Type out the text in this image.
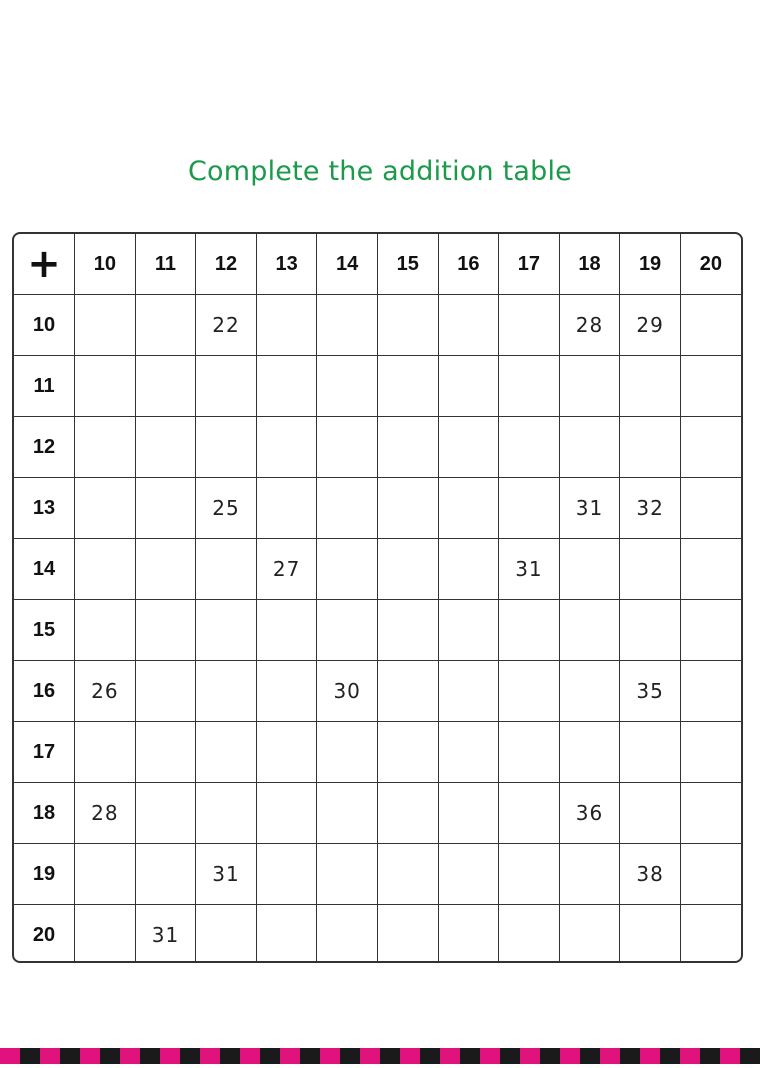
Complete the addition table
+	10	11	12	13	14	15	16	17	18	19	20
10			22						28	29	
11											
12											
13			25						31	32	
14				27				31			
15											
16	26				30					35	
17											
18	28								36		
19			31							38	
20		31									
